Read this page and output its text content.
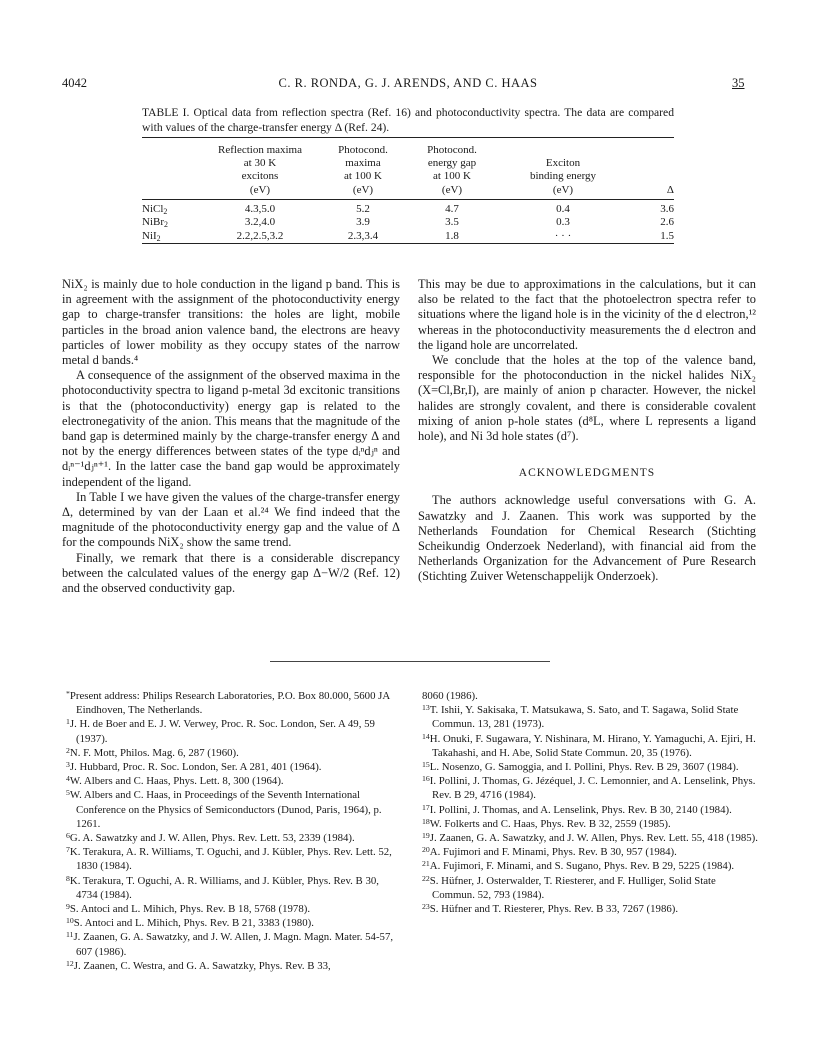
4042	C. R. RONDA, G. J. ARENDS, AND C. HAAS	35
TABLE I. Optical data from reflection spectra (Ref. 16) and photoconductivity spectra. The data are compared with values of the charge-transfer energy Δ (Ref. 24).
	Reflection maxima
at 30 K
excitons
(eV)	Photocond.
maxima
at 100 K
(eV)	Photocond.
energy gap
at 100 K
(eV)	Exciton
binding energy
(eV)	Δ
NiCl$_2$	4.3,5.0	5.2	4.7	0.4	3.6
NiBr$_2$	3.2,4.0	3.9	3.5	0.3	2.6
NiI$_2$	2.2,2.5,3.2	2.3,3.4	1.8	· · ·	1.5

NiX₂ is mainly due to hole conduction in the ligand p band. This is in agreement with the assignment of the photoconductivity energy gap to charge-transfer transitions: the holes are light, mobile particles in the broad anion valence band, the electrons are heavy particles of lower mobility as they occupy states of the narrow metal d bands.⁴

A consequence of the assignment of the observed maxima in the photoconductivity spectra to ligand p-metal 3d excitonic transitions is that the (photoconductivity) energy gap is related to the electronegativity of the anion. This means that the magnitude of the band gap is determined mainly by the charge-transfer energy Δ and not by the energy differences between states of the type dᵢⁿdⱼⁿ and dᵢⁿ⁻¹dⱼⁿ⁺¹. In the latter case the band gap would be approximately independent of the ligand.

In Table I we have given the values of the charge-transfer energy Δ, determined by van der Laan et al.²⁴ We find indeed that the magnitude of the photoconductivity energy gap and the value of Δ for the compounds NiX₂ show the same trend.

Finally, we remark that there is a considerable discrepancy between the calculated values of the energy gap Δ−W/2 (Ref. 12) and the observed conductivity gap.

This may be due to approximations in the calculations, but it can also be related to the fact that the photoelectron spectra refer to situations where the ligand hole is in the vicinity of the d electron,¹² whereas in the photoconductivity measurements the d electron and the ligand hole are uncorrelated.

We conclude that the holes at the top of the valence band, responsible for the photoconduction in the nickel halides NiX₂ (X=Cl,Br,I), are mainly of anion p character. However, the nickel halides are strongly covalent, and there is considerable covalent mixing of anion p-hole states (d⁸L, where L represents a ligand hole), and Ni 3d hole states (d⁷).

ACKNOWLEDGMENTS

The authors acknowledge useful conversations with G. A. Sawatzky and J. Zaanen. This work was supported by the Netherlands Foundation for Chemical Research (Stichting Scheikundig Onderzoek Nederland), with financial aid from the Netherlands Organization for the Advancement of Pure Research (Stichting Zuiver Wetenschappelijk Onderzoek).

*Present address: Philips Research Laboratories, P.O. Box 80.000, 5600 JA Eindhoven, The Netherlands.

$^1$J. H. de Boer and E. J. W. Verwey, Proc. R. Soc. London, Ser. A 49, 59 (1937).

$^2$N. F. Mott, Philos. Mag. 6, 287 (1960).

$^3$J. Hubbard, Proc. R. Soc. London, Ser. A 281, 401 (1964).

$^4$W. Albers and C. Haas, Phys. Lett. 8, 300 (1964).

$^5$W. Albers and C. Haas, in Proceedings of the Seventh International Conference on the Physics of Semiconductors (Dunod, Paris, 1964), p. 1261.

$^6$G. A. Sawatzky and J. W. Allen, Phys. Rev. Lett. 53, 2339 (1984).

$^7$K. Terakura, A. R. Williams, T. Oguchi, and J. Kübler, Phys. Rev. Lett. 52, 1830 (1984).

$^8$K. Terakura, T. Oguchi, A. R. Williams, and J. Kübler, Phys. Rev. B 30, 4734 (1984).

$^9$S. Antoci and L. Mihich, Phys. Rev. B 18, 5768 (1978).

$^{10}$S. Antoci and L. Mihich, Phys. Rev. B 21, 3383 (1980).

$^{11}$J. Zaanen, G. A. Sawatzky, and J. W. Allen, J. Magn. Magn. Mater. 54-57, 607 (1986).

$^{12}$J. Zaanen, C. Westra, and G. A. Sawatzky, Phys. Rev. B 33,

8060 (1986).

$^{13}$T. Ishii, Y. Sakisaka, T. Matsukawa, S. Sato, and T. Sagawa, Solid State Commun. 13, 281 (1973).

$^{14}$H. Onuki, F. Sugawara, Y. Nishinara, M. Hirano, Y. Yamaguchi, A. Ejiri, H. Takahashi, and H. Abe, Solid State Commun. 20, 35 (1976).

$^{15}$L. Nosenzo, G. Samoggia, and I. Pollini, Phys. Rev. B 29, 3607 (1984).

$^{16}$I. Pollini, J. Thomas, G. Jézéquel, J. C. Lemonnier, and A. Lenselink, Phys. Rev. B 29, 4716 (1984).

$^{17}$I. Pollini, J. Thomas, and A. Lenselink, Phys. Rev. B 30, 2140 (1984).

$^{18}$W. Folkerts and C. Haas, Phys. Rev. B 32, 2559 (1985).

$^{19}$J. Zaanen, G. A. Sawatzky, and J. W. Allen, Phys. Rev. Lett. 55, 418 (1985).

$^{20}$A. Fujimori and F. Minami, Phys. Rev. B 30, 957 (1984).

$^{21}$A. Fujimori, F. Minami, and S. Sugano, Phys. Rev. B 29, 5225 (1984).

$^{22}$S. Hüfner, J. Osterwalder, T. Riesterer, and F. Hulliger, Solid State Commun. 52, 793 (1984).

$^{23}$S. Hüfner and T. Riesterer, Phys. Rev. B 33, 7267 (1986).
